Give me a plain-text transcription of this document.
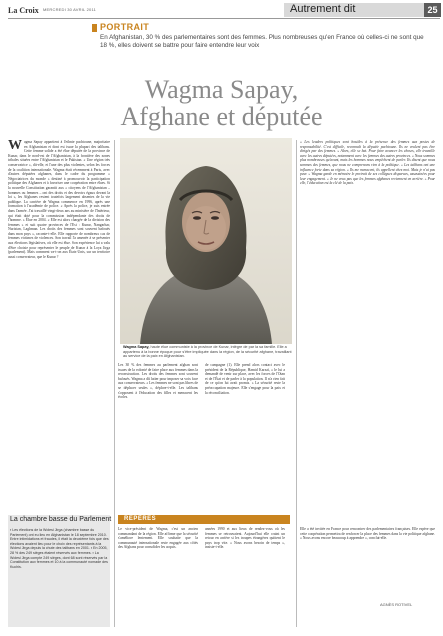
La Croix MERCREDI 30 AVRIL 2011	Autrement dit	25
PORTRAIT
En Afghanistan, 30 % des parlementaires sont des femmes. Plus nombreuses qu'en France où celles-ci ne sont que 18 %, elles doivent se battre pour faire entendre leur voix
Wagma Sapay,
Afghane et députée
Wagma Sapay appartient à l'ethnie pachtoune, majoritaire en Afghanistan et dont est issue la plupart des talibans. Cette femme solide a été élue députée de la province de Kunar, dans le nord-est de l'Afghanistan, à la frontière des zones tribales situées entre l'Afghanistan et le Pakistan. « Une région très conservatrice », dit-elle, et l'une des plus violentes, selon les forces de la coalition internationale. Wagma était récemment à Paris, avec d'autres députées afghanes, dans le cadre du programme « Négociatrices du monde » destiné à promouvoir la participation politique des Afghanes et à favoriser une coopération entre élues. Si la nouvelle Constitution garantit aux « citoyens de l'Afghanistan – hommes ou femmes – ont des droits et des devoirs égaux devant la loi », les Afghanes restent toutefois largement absentes de la vie publique. La carrière de Wagma commence en 1996, après une formation à l'académie de police. « Après la police, je suis entrée dans l'armée. J'ai travaillé vingt-deux ans au ministère de l'Intérieur, qui était doté pour la commission indépendante des droits de l'homme. » Élue en 2004. « Elle est alors chargée de la division des femmes » et suit quatre provinces de l'Est : Kunar, Nangarhar, Nuristan, Laghman. Les droits des femmes sont souvent bafoués dans mon pays », raconte-t-elle. Elle rapporte de nombreux cas de femmes victimes de violences. Son travail l'a amenée à se présenter aux élections législatives, où elle est élue. Son expérience lui a valu d'être choisie pour représenter le peuple de Kunar à la Loya Jirga (parlement). Mais comment va-t-on aux États-Unis, sur un territoire aussi conservateur, que le Kunar ?
Wagma Sapay, haute élue communiste à la province de Kunar, intègre de par la sa famille. Elle a appartenu à la bonne époque pour s'être impliquée dans la région, de la sécurité afghane, travaillant au service de la paix en Afghanistan.
Les 30 % des femmes au parlement afghan sont issues de la volonté de faire place aux femmes dans la reconstruction. Les droits des femmes sont souvent bafoués. Wagma a dû lutter pour imposer sa voix face aux conservateurs. « Les femmes ne sont pas libres de se déplacer seules », déplore-t-elle. Les talibans s'opposent à l'éducation des filles et menacent les écoles.
de campagne (1). Elle prend alors contact avec le président de la République, Hamid Karzaï, « le lui a demandé de venir sur place, avec les forces de l'Otan et de l'État et de parler à la population. Il n'a rien fait de ce qu'on lui avait promis. » La sécurité reste la préoccupation majeure. Elle s'engage pour la paix et la réconciliation.
« Les leaders politiques sont hostiles à la présence des femmes aux postes de responsabilité. C'est difficile, reconnaît la députée pachtoune. Ils ne veulent pas être dirigés par des femmes. » Alors, elle se bat. Pour faire avancer les choses, elle travaille avec les autres députées, notamment avec les femmes des autres provinces. « Nous sommes plus nombreuses qu'avant, mais les hommes nous empêchent de parler. Ils disent que nous sommes des femmes, que nous ne comprenons rien à la politique. » Les talibans ont une influence forte dans sa région. « Ils me menacent, ils appellent chez moi. Mais je n'ai pas peur. » Wagma garde en mémoire le portrait de ses collègues disparues, assassinées pour leur engagement. « Je ne veux pas que les femmes afghanes reviennent en arrière. » Pour elle, l'éducation est la clé de la paix.
La chambre basse du Parlement
▪ Les élections de la Wolesi Jirga (chambre basse du Parlement) ont eu lieu en Afghanistan le 18 septembre 2010. Entre intimidations et fraudes, il était la deuxième fois que des élections avaient lieu pour le choix des représentants à la Wolesi Jirga depuis la chute des talibans en 2001. ▪ En 2005, 28 % des 249 sièges étaient réservés aux femmes. ▪ La Wolesi Jirga compte 249 sièges, dont 68 sont réservés par la Constitution aux femmes et 10 à la communauté nomade des Kuchis.
REPÈRES
Le vice-président de Wagma, c'est un ancien commandant de la région. Elle affirme que la sécurité s'améliore lentement. Elle souhaite que la communauté internationale reste engagée aux côtés des Afghans pour consolider les acquis.
années 1990 et aux lieux de rendez-vous où les femmes se retrouvaient. Aujourd'hui elle craint un retour en arrière si les troupes étrangères quittent le pays trop vite. « Nous avons besoin de temps », insiste-t-elle.
Elle a été invitée en France pour rencontrer des parlementaires françaises. Elle espère que cette coopération permettra de renforcer la place des femmes dans la vie politique afghane. « Nous avons encore beaucoup à apprendre », conclut-elle.
AGNÈS ROTIVEL
